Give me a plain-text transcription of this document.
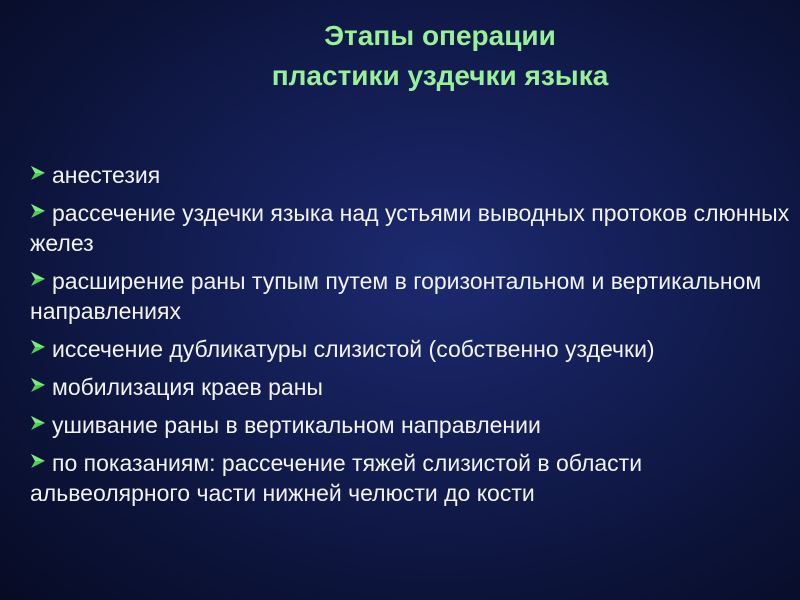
Этапы операции
пластики уздечки языка
анестезия
рассечение уздечки языка над устьями выводных протоков слюнных желез
расширение раны тупым путем в горизонтальном и вертикальном направлениях
иссечение дубликатуры слизистой (собственно уздечки)
мобилизация краев раны
ушивание раны в вертикальном направлении
по показаниям: рассечение тяжей слизистой в области альвеолярного части нижней челюсти до кости
